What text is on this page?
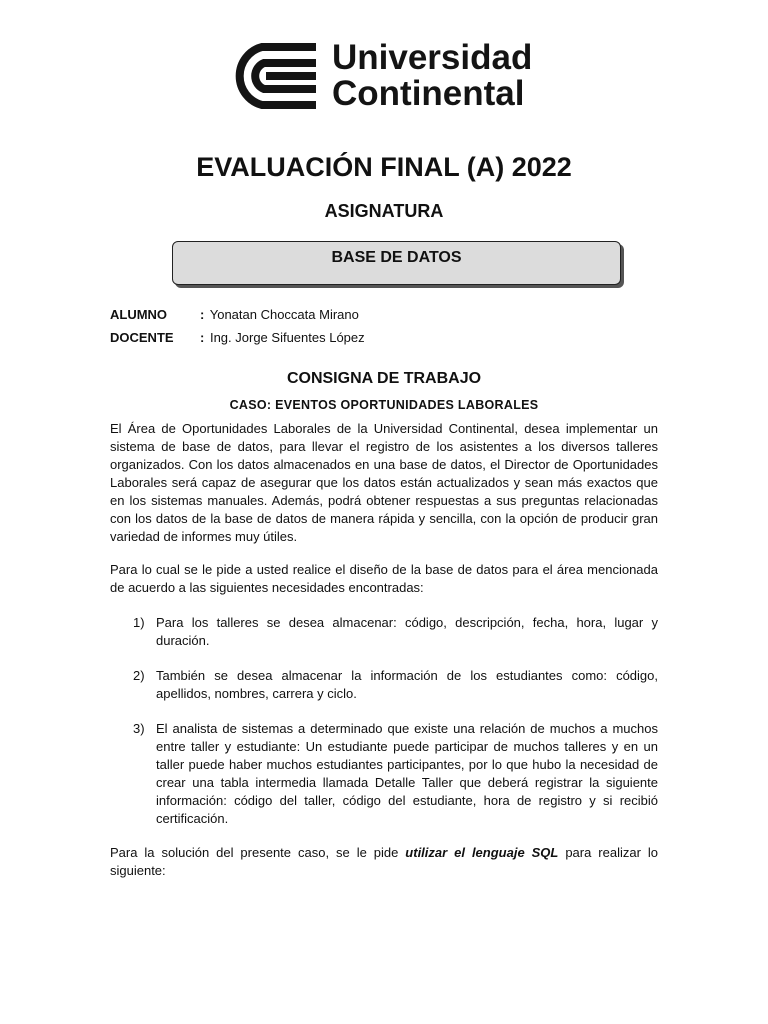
Universidad
Continental
EVALUACIÓN FINAL (A) 2022
ASIGNATURA
BASE DE DATOS
ALUMNO	: Yonatan Choccata Mirano
DOCENTE	: Ing. Jorge Sifuentes López
CONSIGNA DE TRABAJO
CASO: EVENTOS OPORTUNIDADES LABORALES

El Área de Oportunidades Laborales de la Universidad Continental, desea implementar un sistema de base de datos, para llevar el registro de los asistentes a los diversos talleres organizados. Con los datos almacenados en una base de datos, el Director de Oportunidades Laborales será capaz de asegurar que los datos están actualizados y sean más exactos que en los sistemas manuales. Además, podrá obtener respuestas a sus preguntas relacionadas con los datos de la base de datos de manera rápida y sencilla, con la opción de producir gran variedad de informes muy útiles.

Para lo cual se le pide a usted realice el diseño de la base de datos para el área mencionada de acuerdo a las siguientes necesidades encontradas:

1) Para los talleres se desea almacenar: código, descripción, fecha, hora, lugar y duración.
2) También se desea almacenar la información de los estudiantes como: código, apellidos, nombres, carrera y ciclo.
3) El analista de sistemas a determinado que existe una relación de muchos a muchos entre taller y estudiante: Un estudiante puede participar de muchos talleres y en un taller puede haber muchos estudiantes participantes, por lo que hubo la necesidad de crear una tabla intermedia llamada Detalle Taller que deberá registrar la siguiente información: código del taller, código del estudiante, hora de registro y si recibió certificación.

Para la solución del presente caso, se le pide utilizar el lenguaje SQL para realizar lo siguiente:
